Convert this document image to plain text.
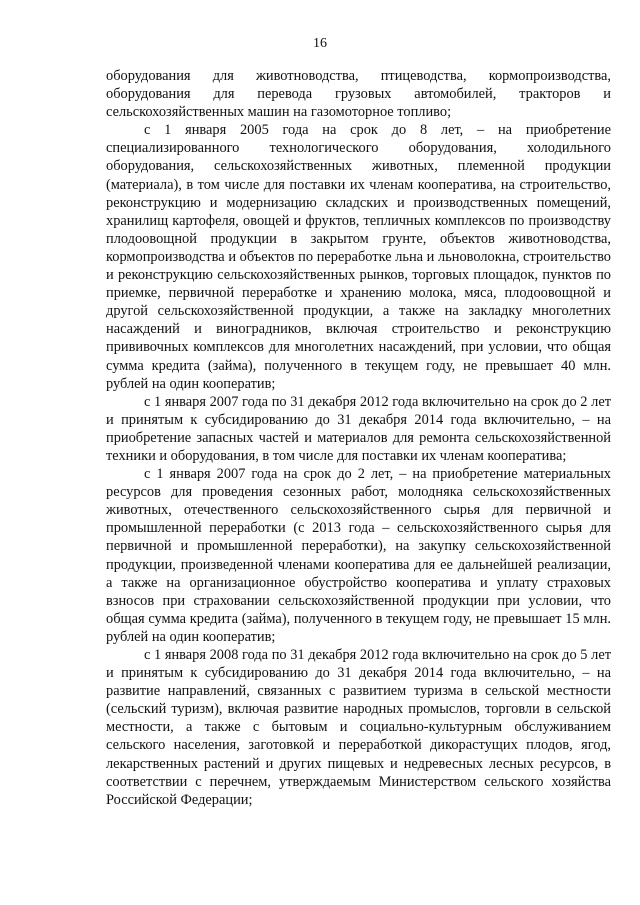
16

оборудования для животноводства, птицеводства, кормопроизводства, оборудования для перевода грузовых автомобилей, тракторов и сельскохозяйственных машин на газомоторное топливо;

с 1 января 2005 года на срок до 8 лет, – на приобретение специализированного технологического оборудования, холодильного оборудования, сельскохозяйственных животных, племенной продукции (материала), в том числе для поставки их членам кооператива, на строительство, реконструкцию и модернизацию складских и производственных помещений, хранилищ картофеля, овощей и фруктов, тепличных комплексов по производству плодоовощной продукции в закрытом грунте, объектов животноводства, кормопроизводства и объектов по переработке льна и льноволокна, строительство и реконструкцию сельскохозяйственных рынков, торговых площадок, пунктов по приемке, первичной переработке и хранению молока, мяса, плодоовощной и другой сельскохозяйственной продукции, а также на закладку многолетних насаждений и виноградников, включая строительство и реконструкцию прививочных комплексов для многолетних насаждений, при условии, что общая сумма кредита (займа), полученного в текущем году, не превышает 40 млн. рублей на один кооператив;

с 1 января 2007 года по 31 декабря 2012 года включительно на срок до 2 лет и принятым к субсидированию до 31 декабря 2014 года включительно, – на приобретение запасных частей и материалов для ремонта сельскохозяйственной техники и оборудования, в том числе для поставки их членам кооператива;

с 1 января 2007 года на срок до 2 лет, – на приобретение материальных ресурсов для проведения сезонных работ, молодняка сельскохозяйственных животных, отечественного сельскохозяйственного сырья для первичной и промышленной переработки (с 2013 года – сельскохозяйственного сырья для первичной и промышленной переработки), на закупку сельскохозяйственной продукции, произведенной членами кооператива для ее дальнейшей реализации, а также на организационное обустройство кооператива и уплату страховых взносов при страховании сельскохозяйственной продукции при условии, что общая сумма кредита (займа), полученного в текущем году, не превышает 15 млн. рублей на один кооператив;

с 1 января 2008 года по 31 декабря 2012 года включительно на срок до 5 лет и принятым к субсидированию до 31 декабря 2014 года включительно, – на развитие направлений, связанных с развитием туризма в сельской местности (сельский туризм), включая развитие народных промыслов, торговли в сельской местности, а также с бытовым и социально-культурным обслуживанием сельского населения, заготовкой и переработкой дикорастущих плодов, ягод, лекарственных растений и других пищевых и недревесных лесных ресурсов, в соответствии с перечнем, утверждаемым Министерством сельского хозяйства Российской Федерации;
